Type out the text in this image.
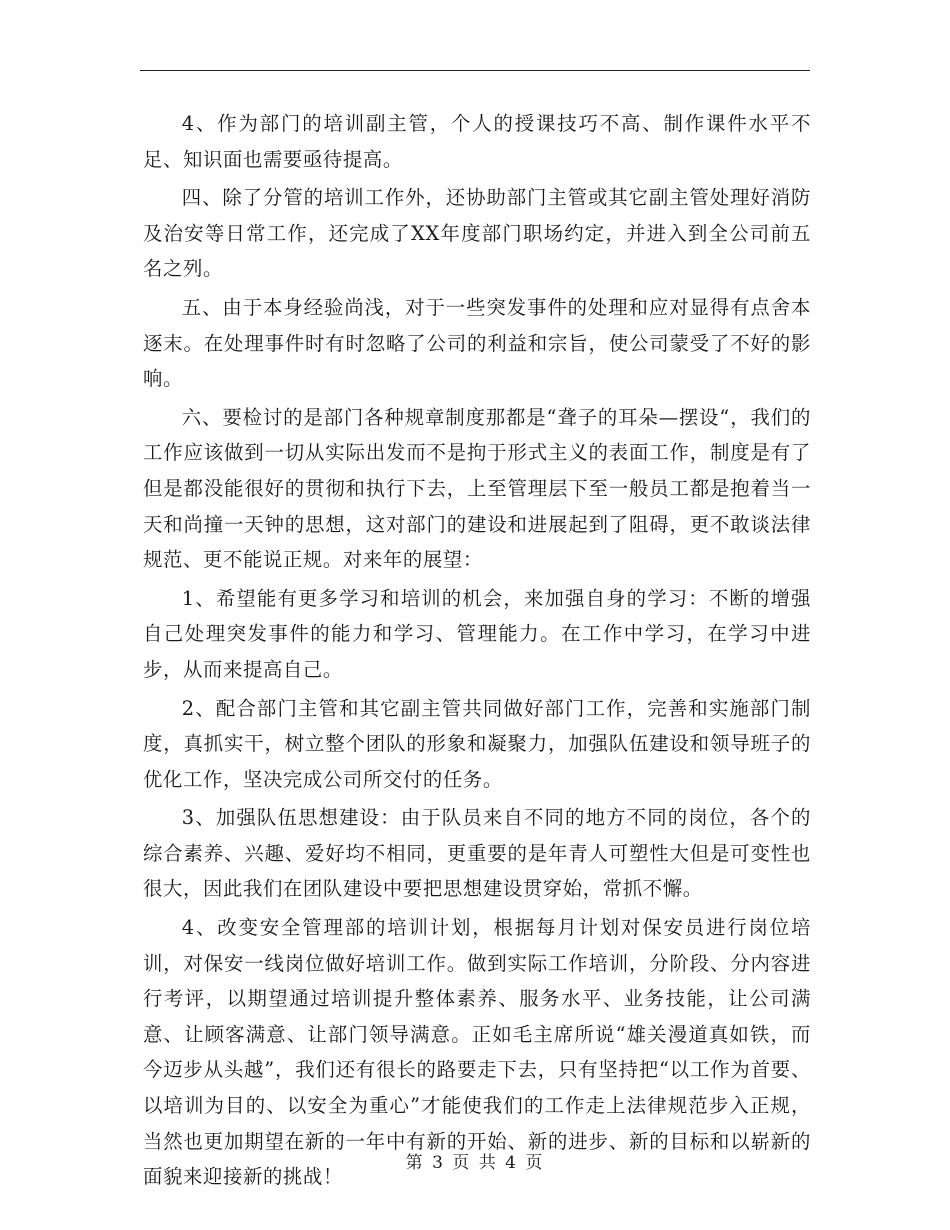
4、作为部门的培训副主管，个人的授课技巧不高、制作课件水平不足、知识面也需要亟待提高。

四、除了分管的培训工作外，还协助部门主管或其它副主管处理好消防及治安等日常工作，还完成了XX年度部门职场约定，并进入到全公司前五名之列。

五、由于本身经验尚浅，对于一些突发事件的处理和应对显得有点舍本逐末。在处理事件时有时忽略了公司的利益和宗旨，使公司蒙受了不好的影响。

六、要检讨的是部门各种规章制度那都是“聋子的耳朵—摆设“，我们的工作应该做到一切从实际出发而不是拘于形式主义的表面工作，制度是有了但是都没能很好的贯彻和执行下去，上至管理层下至一般员工都是抱着当一天和尚撞一天钟的思想，这对部门的建设和进展起到了阻碍，更不敢谈法律规范、更不能说正规。对来年的展望：

1、希望能有更多学习和培训的机会，来加强自身的学习：不断的增强自己处理突发事件的能力和学习、管理能力。在工作中学习，在学习中进步，从而来提高自己。

2、配合部门主管和其它副主管共同做好部门工作，完善和实施部门制度，真抓实干，树立整个团队的形象和凝聚力，加强队伍建设和领导班子的优化工作，坚决完成公司所交付的任务。

3、加强队伍思想建设：由于队员来自不同的地方不同的岗位，各个的综合素养、兴趣、爱好均不相同，更重要的是年青人可塑性大但是可变性也很大，因此我们在团队建设中要把思想建设贯穿始，常抓不懈。

4、改变安全管理部的培训计划，根据每月计划对保安员进行岗位培训，对保安一线岗位做好培训工作。做到实际工作培训，分阶段、分内容进行考评，以期望通过培训提升整体素养、服务水平、业务技能，让公司满意、让顾客满意、让部门领导满意。正如毛主席所说“雄关漫道真如铁，而今迈步从头越”，我们还有很长的路要走下去，只有坚持把“以工作为首要、以培训为目的、以安全为重心”才能使我们的工作走上法律规范步入正规，当然也更加期望在新的一年中有新的开始、新的进步、新的目标和以崭新的面貌来迎接新的挑战！

第 3 页 共 4 页
